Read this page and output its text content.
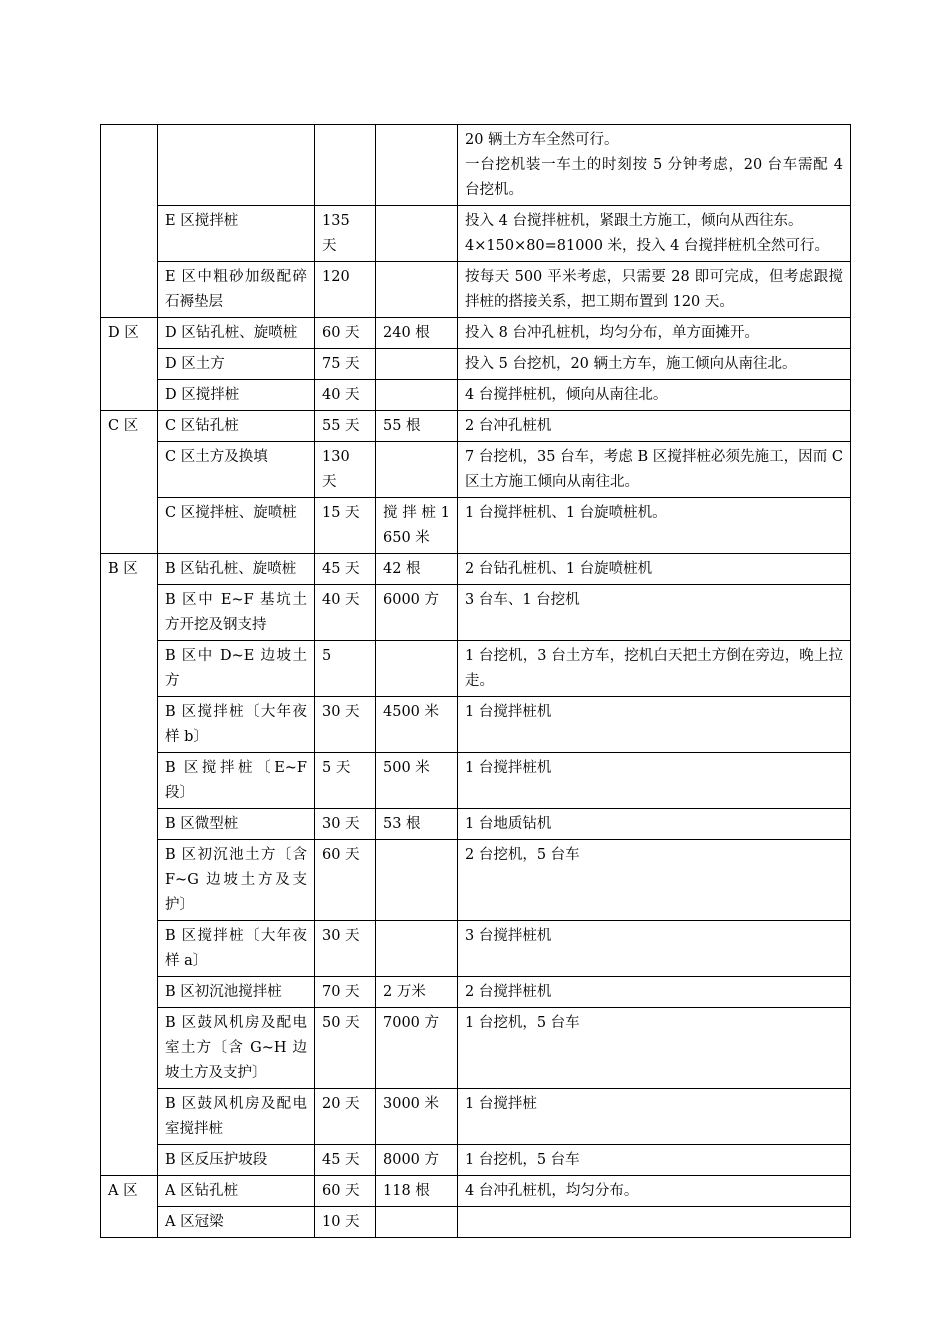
				20 辆土方车全然可行。

一台挖机装一车土的时刻按 5 分钟考虑，20 台车需配 4 台挖机。

	E 区搅拌桩	135 天		投入 4 台搅拌桩机，紧跟土方施工，倾向从西往东。

4×150×80=81000 米，投入 4 台搅拌桩机全然可行。

	E 区中粗砂加级配碎石褥垫层	120		按每天 500 平米考虑，只需要 28 即可完成，但考虑跟搅拌桩的搭接关系，把工期布置到 120 天。

D 区	D 区钻孔桩、旋喷桩	60 天	240 根	投入 8 台冲孔桩机，均匀分布，单方面摊开。

	D 区土方	75 天		投入 5 台挖机，20 辆土方车，施工倾向从南往北。

	D 区搅拌桩	40 天		4 台搅拌桩机，倾向从南往北。

C 区	C 区钻孔桩	55 天	55 根	2 台冲孔桩机

	C 区土方及换填	130 天		7 台挖机，35 台车，考虑 B 区搅拌桩必须先施工，因而 C 区土方施工倾向从南往北。

	C 区搅拌桩、旋喷桩	15 天	搅 拌 桩 1650 米	1 台搅拌桩机、1 台旋喷桩机。

B 区	B 区钻孔桩、旋喷桩	45 天	42 根	2 台钻孔桩机、1 台旋喷桩机

	B 区中 E~F 基坑土方开挖及钢支持	40 天	6000 方	3 台车、1 台挖机

	B 区中 D~E 边坡土方	5		1 台挖机，3 台土方车，挖机白天把土方倒在旁边，晚上拉走。

	B 区搅拌桩〔大年夜样 b〕	30 天	4500 米	1 台搅拌桩机

	B 区搅拌桩〔E~F 段〕	5 天	500 米	1 台搅拌桩机

	B 区微型桩	30 天	53 根	1 台地质钻机

	B 区初沉池土方〔含 F~G 边坡土方及支护〕	60 天		2 台挖机，5 台车

	B 区搅拌桩〔大年夜样 a〕	30 天		3 台搅拌桩机

	B 区初沉池搅拌桩	70 天	2 万米	2 台搅拌桩机

	B 区鼓风机房及配电室土方〔含 G~H 边坡土方及支护〕	50 天	7000 方	1 台挖机，5 台车

	B 区鼓风机房及配电室搅拌桩	20 天	3000 米	1 台搅拌桩

	B 区反压护坡段	45 天	8000 方	1 台挖机，5 台车

A 区	A 区钻孔桩	60 天	118 根	4 台冲孔桩机，均匀分布。

	A 区冠梁	10 天		
